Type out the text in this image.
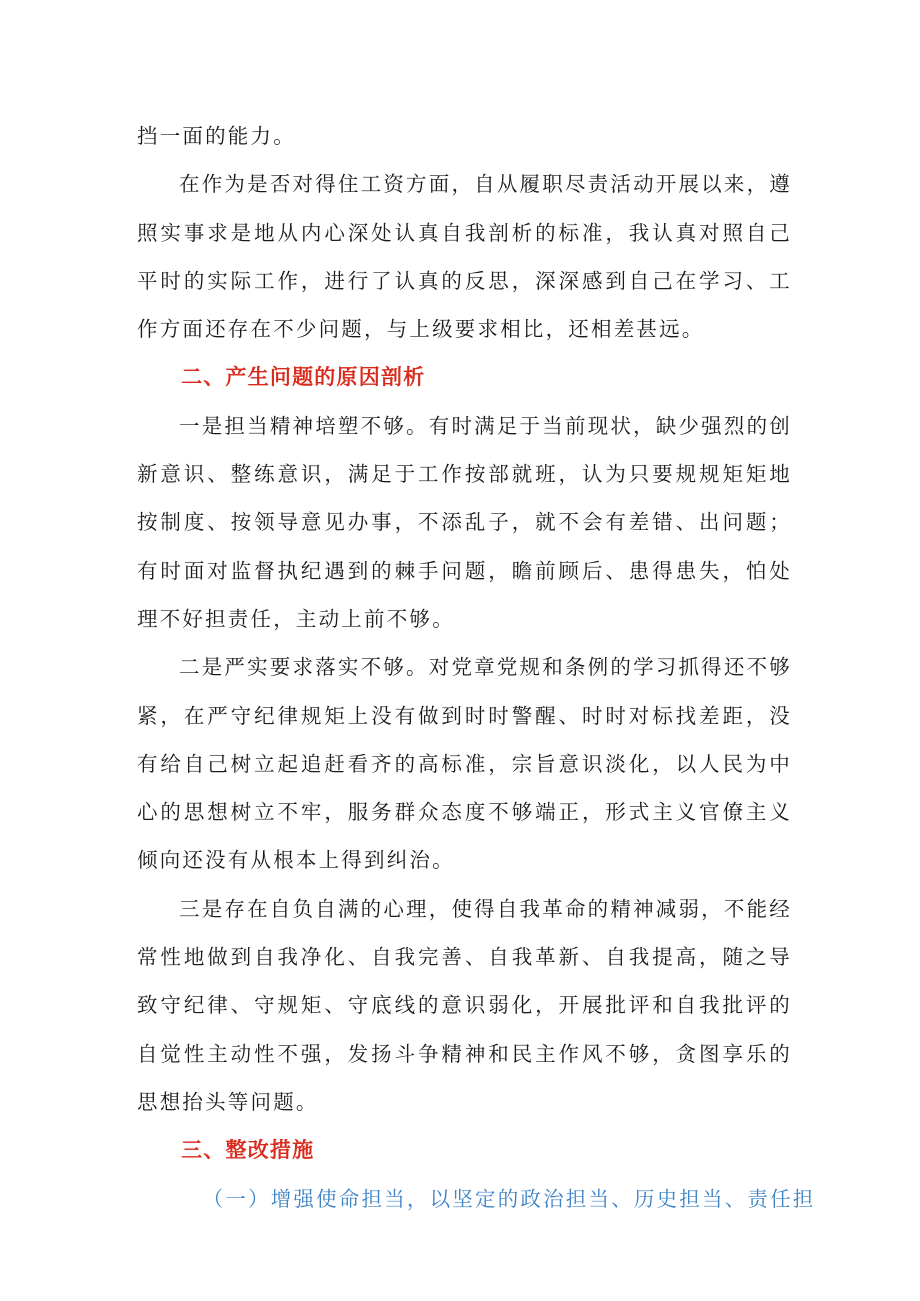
挡一面的能力。

在作为是否对得住工资方面，自从履职尽责活动开展以来，遵照实事求是地从内心深处认真自我剖析的标准，我认真对照自己平时的实际工作，进行了认真的反思，深深感到自己在学习、工作方面还存在不少问题，与上级要求相比，还相差甚远。

二、产生问题的原因剖析

一是担当精神培塑不够。有时满足于当前现状，缺少强烈的创新意识、整练意识，满足于工作按部就班，认为只要规规矩矩地按制度、按领导意见办事，不添乱子，就不会有差错、出问题；有时面对监督执纪遇到的棘手问题，瞻前顾后、患得患失，怕处理不好担责任，主动上前不够。

二是严实要求落实不够。对党章党规和条例的学习抓得还不够紧，在严守纪律规矩上没有做到时时警醒、时时对标找差距，没有给自己树立起追赶看齐的高标准，宗旨意识淡化，以人民为中心的思想树立不牢，服务群众态度不够端正，形式主义官僚主义倾向还没有从根本上得到纠治。

三是存在自负自满的心理，使得自我革命的精神减弱，不能经常性地做到自我净化、自我完善、自我革新、自我提高，随之导致守纪律、守规矩、守底线的意识弱化，开展批评和自我批评的自觉性主动性不强，发扬斗争精神和民主作风不够，贪图享乐的思想抬头等问题。

三、整改措施

（一）增强使命担当，以坚定的政治担当、历史担当、责任担
